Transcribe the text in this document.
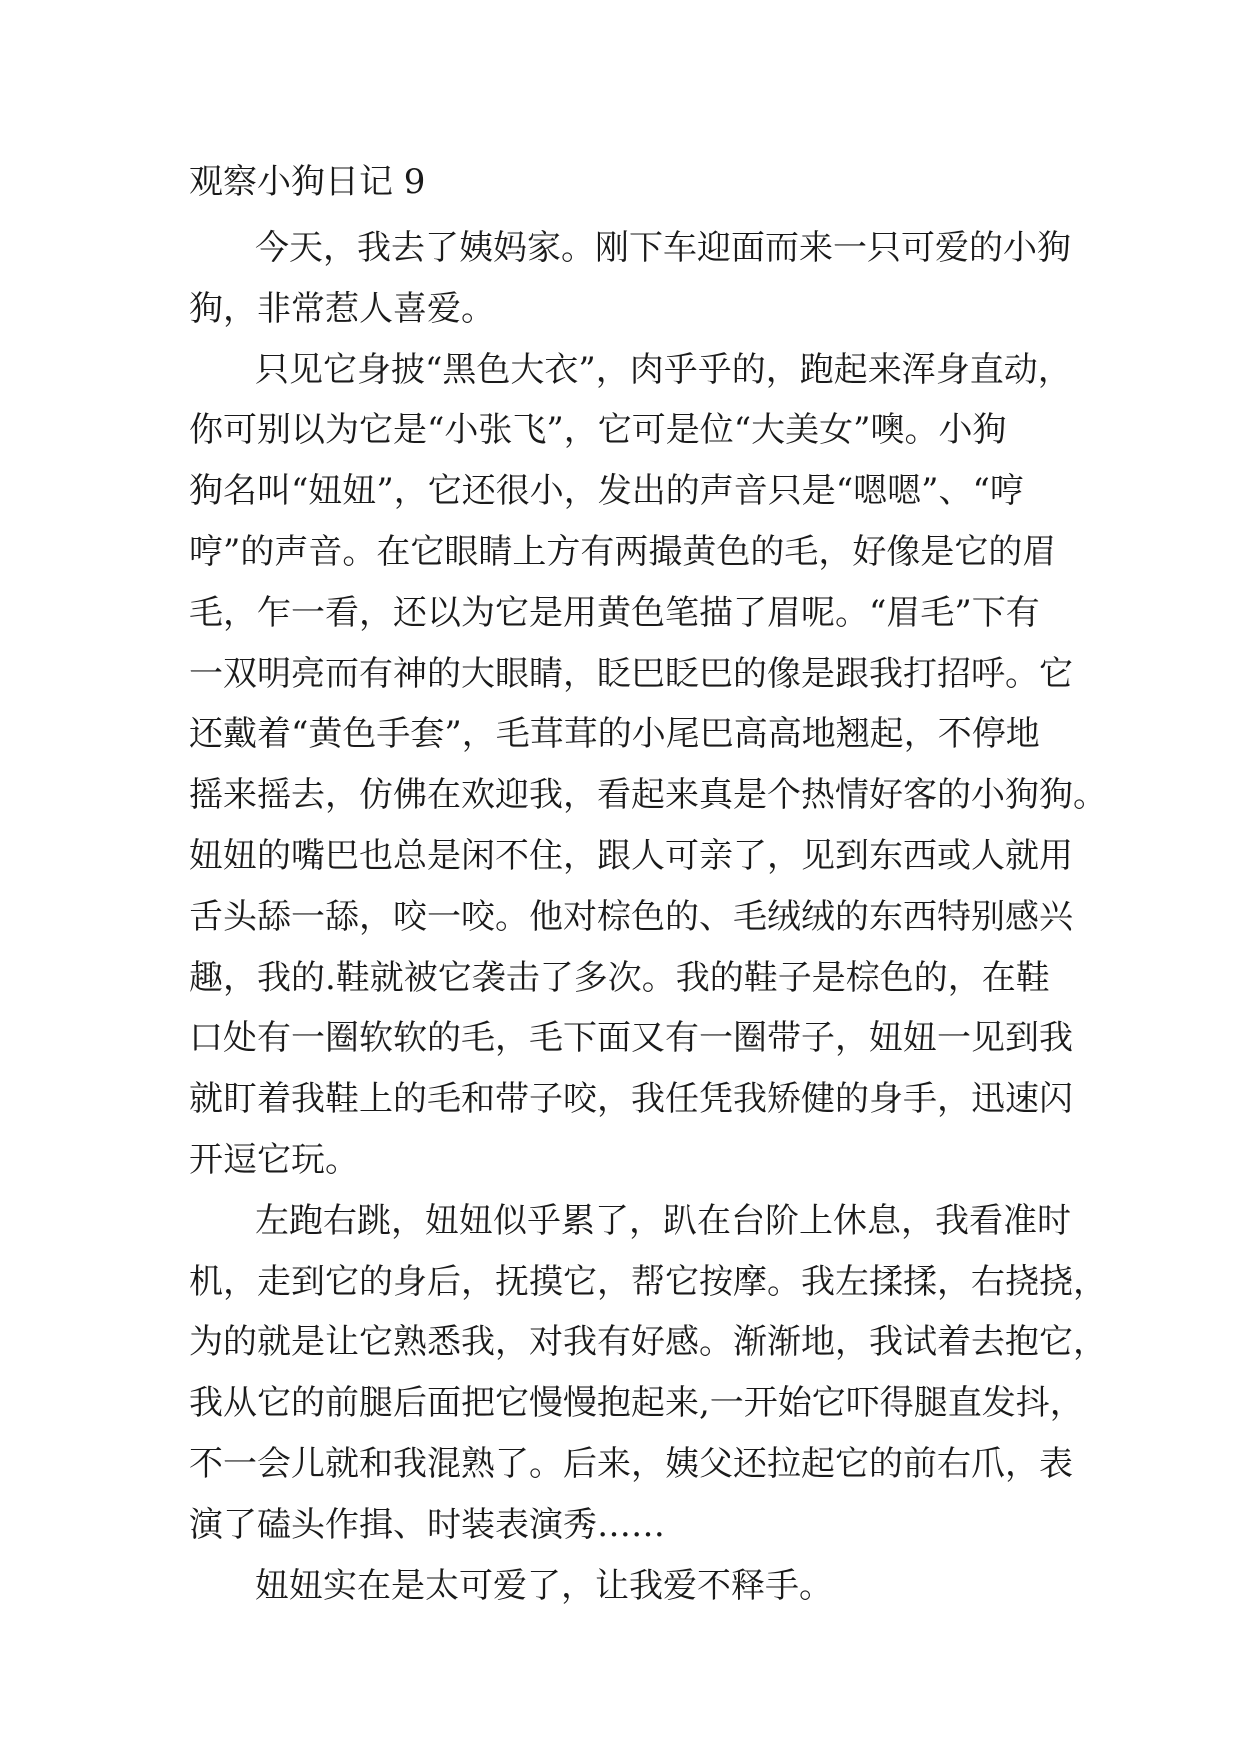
观察小狗日记 9
今天，我去了姨妈家。刚下车迎面而来一只可爱的小狗
狗，非常惹人喜爱。
只见它身披“黑色大衣”，肉乎乎的，跑起来浑身直动，
你可别以为它是“小张飞”，它可是位“大美女”噢。小狗
狗名叫“妞妞”，它还很小，发出的声音只是“嗯嗯”、“哼
哼”的声音。在它眼睛上方有两撮黄色的毛，好像是它的眉
毛，乍一看，还以为它是用黄色笔描了眉呢。“眉毛”下有
一双明亮而有神的大眼睛，眨巴眨巴的像是跟我打招呼。它
还戴着“黄色手套”，毛茸茸的小尾巴高高地翘起，不停地
摇来摇去，仿佛在欢迎我，看起来真是个热情好客的小狗狗。
妞妞的嘴巴也总是闲不住，跟人可亲了，见到东西或人就用
舌头舔一舔，咬一咬。他对棕色的、毛绒绒的东西特别感兴
趣，我的.鞋就被它袭击了多次。我的鞋子是棕色的，在鞋
口处有一圈软软的毛，毛下面又有一圈带子，妞妞一见到我
就盯着我鞋上的毛和带子咬，我任凭我矫健的身手，迅速闪
开逗它玩。
左跑右跳，妞妞似乎累了，趴在台阶上休息，我看准时
机，走到它的身后，抚摸它，帮它按摩。我左揉揉，右挠挠，
为的就是让它熟悉我，对我有好感。渐渐地，我试着去抱它，
我从它的前腿后面把它慢慢抱起来,一开始它吓得腿直发抖，
不一会儿就和我混熟了。后来，姨父还拉起它的前右爪，表
演了磕头作揖、时装表演秀……
妞妞实在是太可爱了，让我爱不释手。
